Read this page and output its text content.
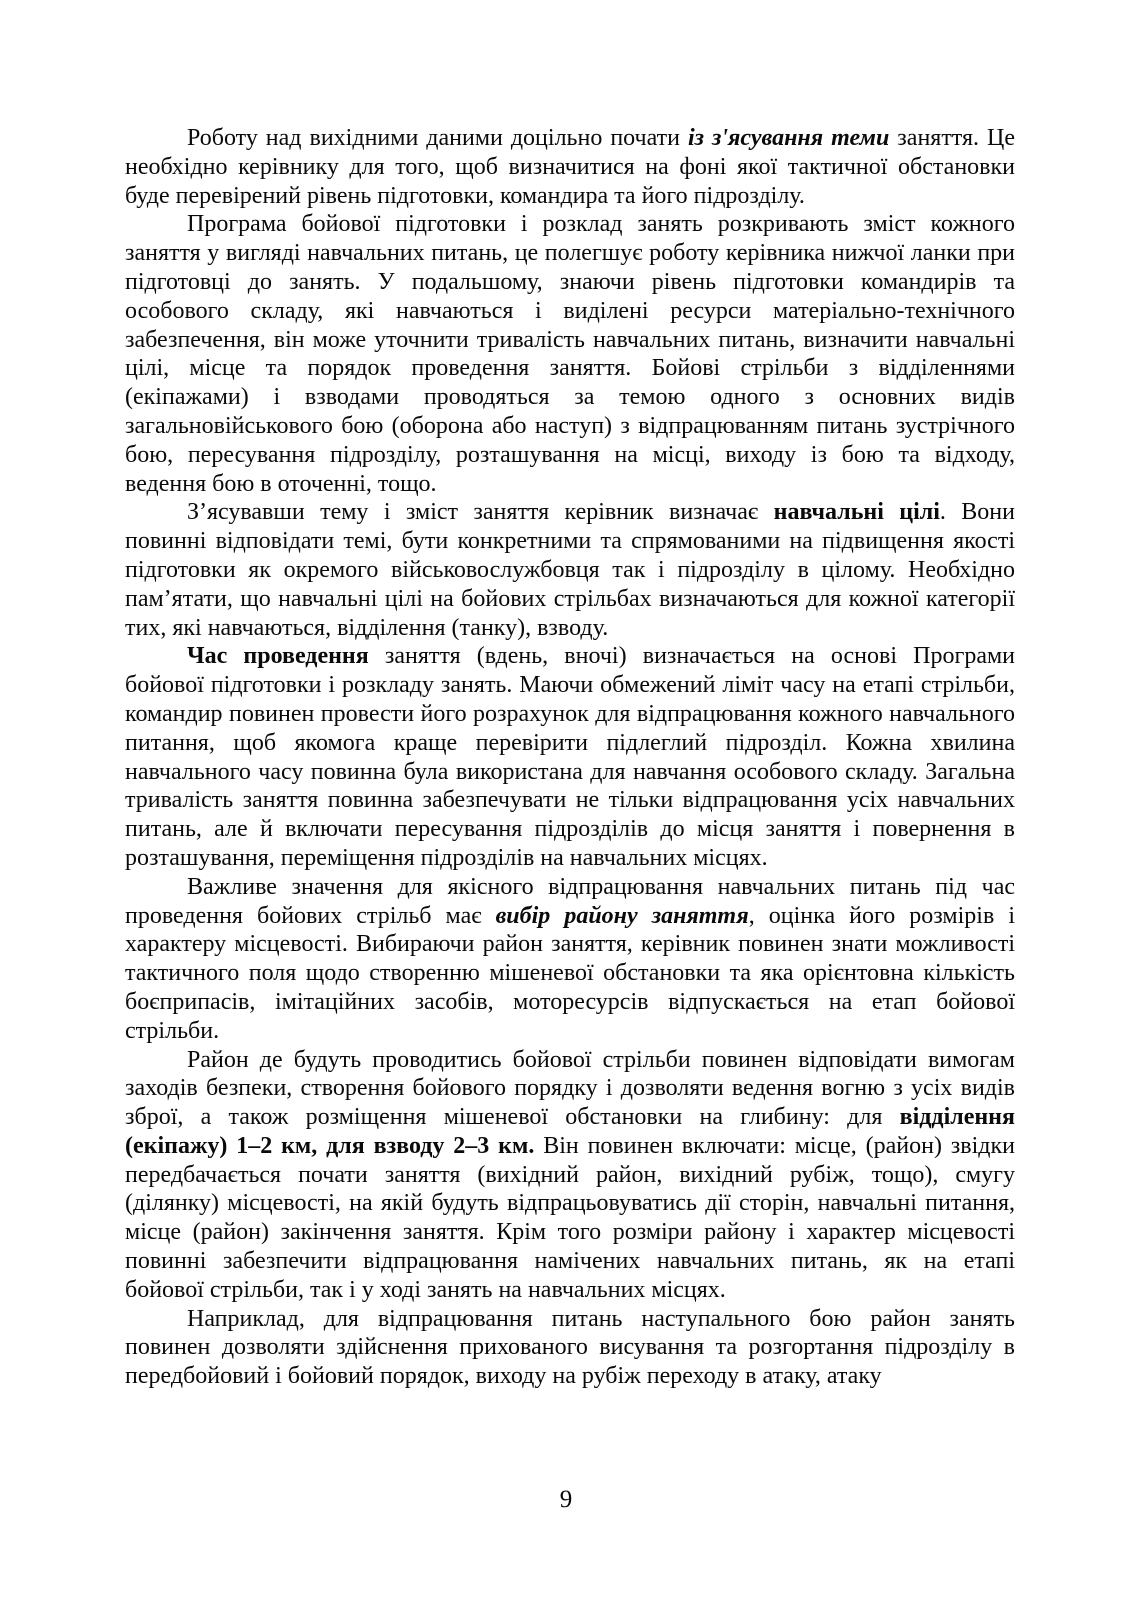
Роботу над вихідними даними доцільно почати із з'ясування теми заняття. Це необхідно керівнику для того, щоб визначитися на фоні якої тактичної обстановки буде перевірений рівень підготовки, командира та його підрозділу.

Програма бойової підготовки і розклад занять розкривають зміст кожного заняття у вигляді навчальних питань, це полегшує роботу керівника нижчої ланки при підготовці до занять. У подальшому, знаючи рівень підготовки командирів та особового складу, які навчаються і виділені ресурси матеріально-технічного забезпечення, він може уточнити тривалість навчальних питань, визначити навчальні цілі, місце та порядок проведення заняття. Бойові стрільби з відділеннями (екіпажами) і взводами проводяться за темою одного з основних видів загальновійськового бою (оборона або наступ) з відпрацюванням питань зустрічного бою, пересування підрозділу, розташування на місці, виходу із бою та відходу, ведення бою в оточенні, тощо.

З’ясувавши тему і зміст заняття керівник визначає навчальні цілі. Вони повинні відповідати темі, бути конкретними та спрямованими на підвищення якості підготовки як окремого військовослужбовця так і підрозділу в цілому. Необхідно пам’ятати, що навчальні цілі на бойових стрільбах визначаються для кожної категорії тих, які навчаються, відділення (танку), взводу.

Час проведення заняття (вдень, вночі) визначається на основі Програми бойової підготовки і розкладу занять. Маючи обмежений ліміт часу на етапі стрільби, командир повинен провести його розрахунок для відпрацювання кожного навчального питання, щоб якомога краще перевірити підлеглий підрозділ. Кожна хвилина навчального часу повинна була використана для навчання особового складу. Загальна тривалість заняття повинна забезпечувати не тільки відпрацювання усіх навчальних питань, але й включати пересування підрозділів до місця заняття і повернення в розташування, переміщення підрозділів на навчальних місцях.

Важливе значення для якісного відпрацювання навчальних питань під час проведення бойових стрільб має вибір району заняття, оцінка його розмірів і характеру місцевості. Вибираючи район заняття, керівник повинен знати можливості тактичного поля щодо створенню мішеневої обстановки та яка орієнтовна кількість боєприпасів, імітаційних засобів, моторесурсів відпускається на етап бойової стрільби.

Район де будуть проводитись бойової стрільби повинен відповідати вимогам заходів безпеки, створення бойового порядку і дозволяти ведення вогню з усіх видів зброї, а також розміщення мішеневої обстановки на глибину: для відділення (екіпажу) 1–2 км, для взводу 2–3 км. Він повинен включати: місце, (район) звідки передбачається почати заняття (вихідний район, вихідний рубіж, тощо), смугу (ділянку) місцевості, на якій будуть відпрацьовуватись дії сторін, навчальні питання, місце (район) закінчення заняття. Крім того розміри району і характер місцевості повинні забезпечити відпрацювання намічених навчальних питань, як на етапі бойової стрільби, так і у ході занять на навчальних місцях.

Наприклад, для відпрацювання питань наступального бою район занять повинен дозволяти здійснення прихованого висування та розгортання підрозділу в передбойовий і бойовий порядок, виходу на рубіж переходу в атаку, атаку

9
